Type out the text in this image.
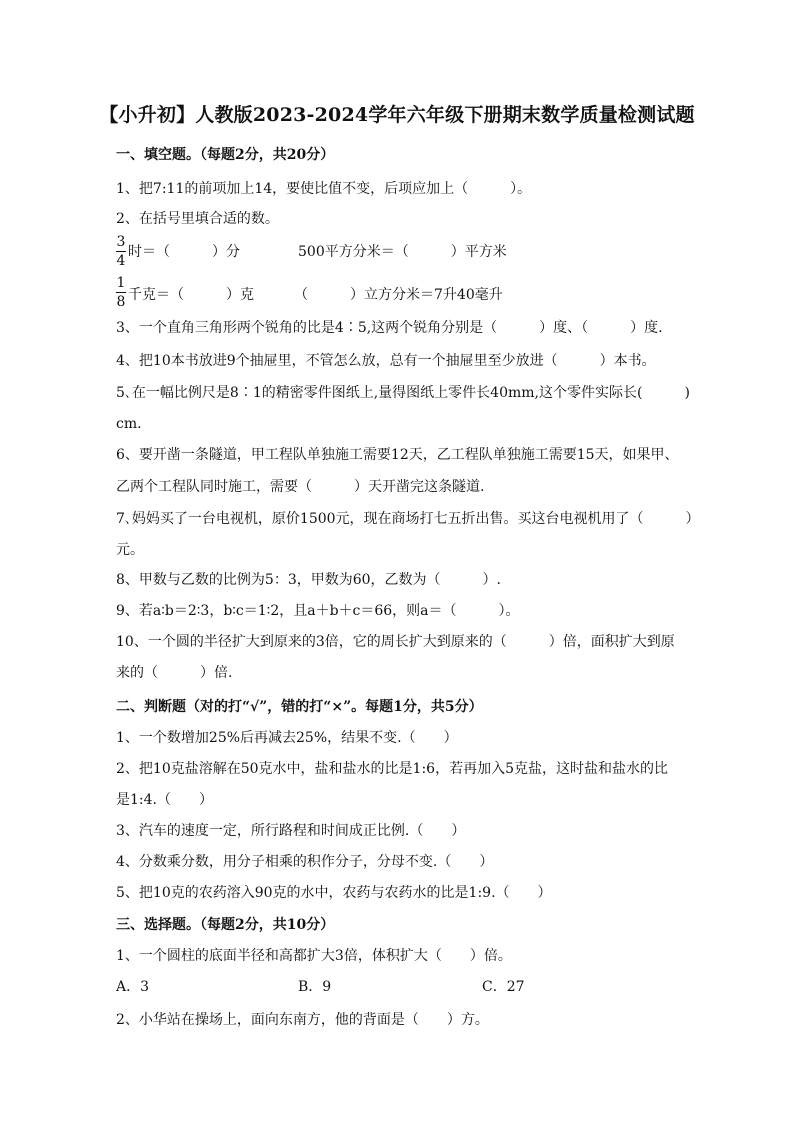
【小升初】人教版2023-2024学年六年级下册期末数学质量检测试题
一、填空题。（每题2分，共20分）
1、把7:11的前项加上14，要使比值不变，后项应加上（　　　）。
2、在括号里填合适的数。
3
4
时＝（　　　）分	500平方分米＝（　　　）平方米
1
8 千克＝（　　　）克	（　　　）立方分米＝7升40毫升
3、一个直角三角形两个锐角的比是4∶5,这两个锐角分别是（　　　）度、（　　　）度.
4、把10本书放进9个抽屉里，不管怎么放，总有一个抽屉里至少放进（　　　）本书。
5､在一幅比例尺是8∶1的精密零件图纸上,量得图纸上零件长40mm,这个零件实际长(　　　)
cm.
6、要开凿一条隧道，甲工程队单独施工需要12天，乙工程队单独施工需要15天，如果甲、
乙两个工程队同时施工，需要（　　　）天开凿完这条隧道.
7､妈妈买了一台电视机，原价1500元，现在商场打七五折出售。买这台电视机用了（　　　）
元。
8、甲数与乙数的比例为5：3，甲数为60，乙数为（　　　）.
9、若a∶b＝2∶3，b∶c＝1∶2，且a＋b＋c＝66，则a＝（　　　）。
10、一个圆的半径扩大到原来的3倍，它的周长扩大到原来的（　　　）倍，面积扩大到原
来的（　　　）倍.
二、判断题（对的打“√”，错的打“×”。每题1分，共5分）
1、一个数增加25%后再减去25%，结果不变.（　　）
2、把10克盐溶解在50克水中，盐和盐水的比是1:6，若再加入5克盐，这时盐和盐水的比
是1:4.（　　）
3、汽车的速度一定，所行路程和时间成正比例.（　　）
4、分数乘分数，用分子相乘的积作分子，分母不变.（　　）
5、把10克的农药溶入90克的水中，农药与农药水的比是1:9.（　　）
三、选择题。（每题2分，共10分）
1、一个圆柱的底面半径和高都扩大3倍，体积扩大（　　）倍。
A．3	B．9	C．27
2、小华站在操场上，面向东南方，他的背面是（　　）方。
